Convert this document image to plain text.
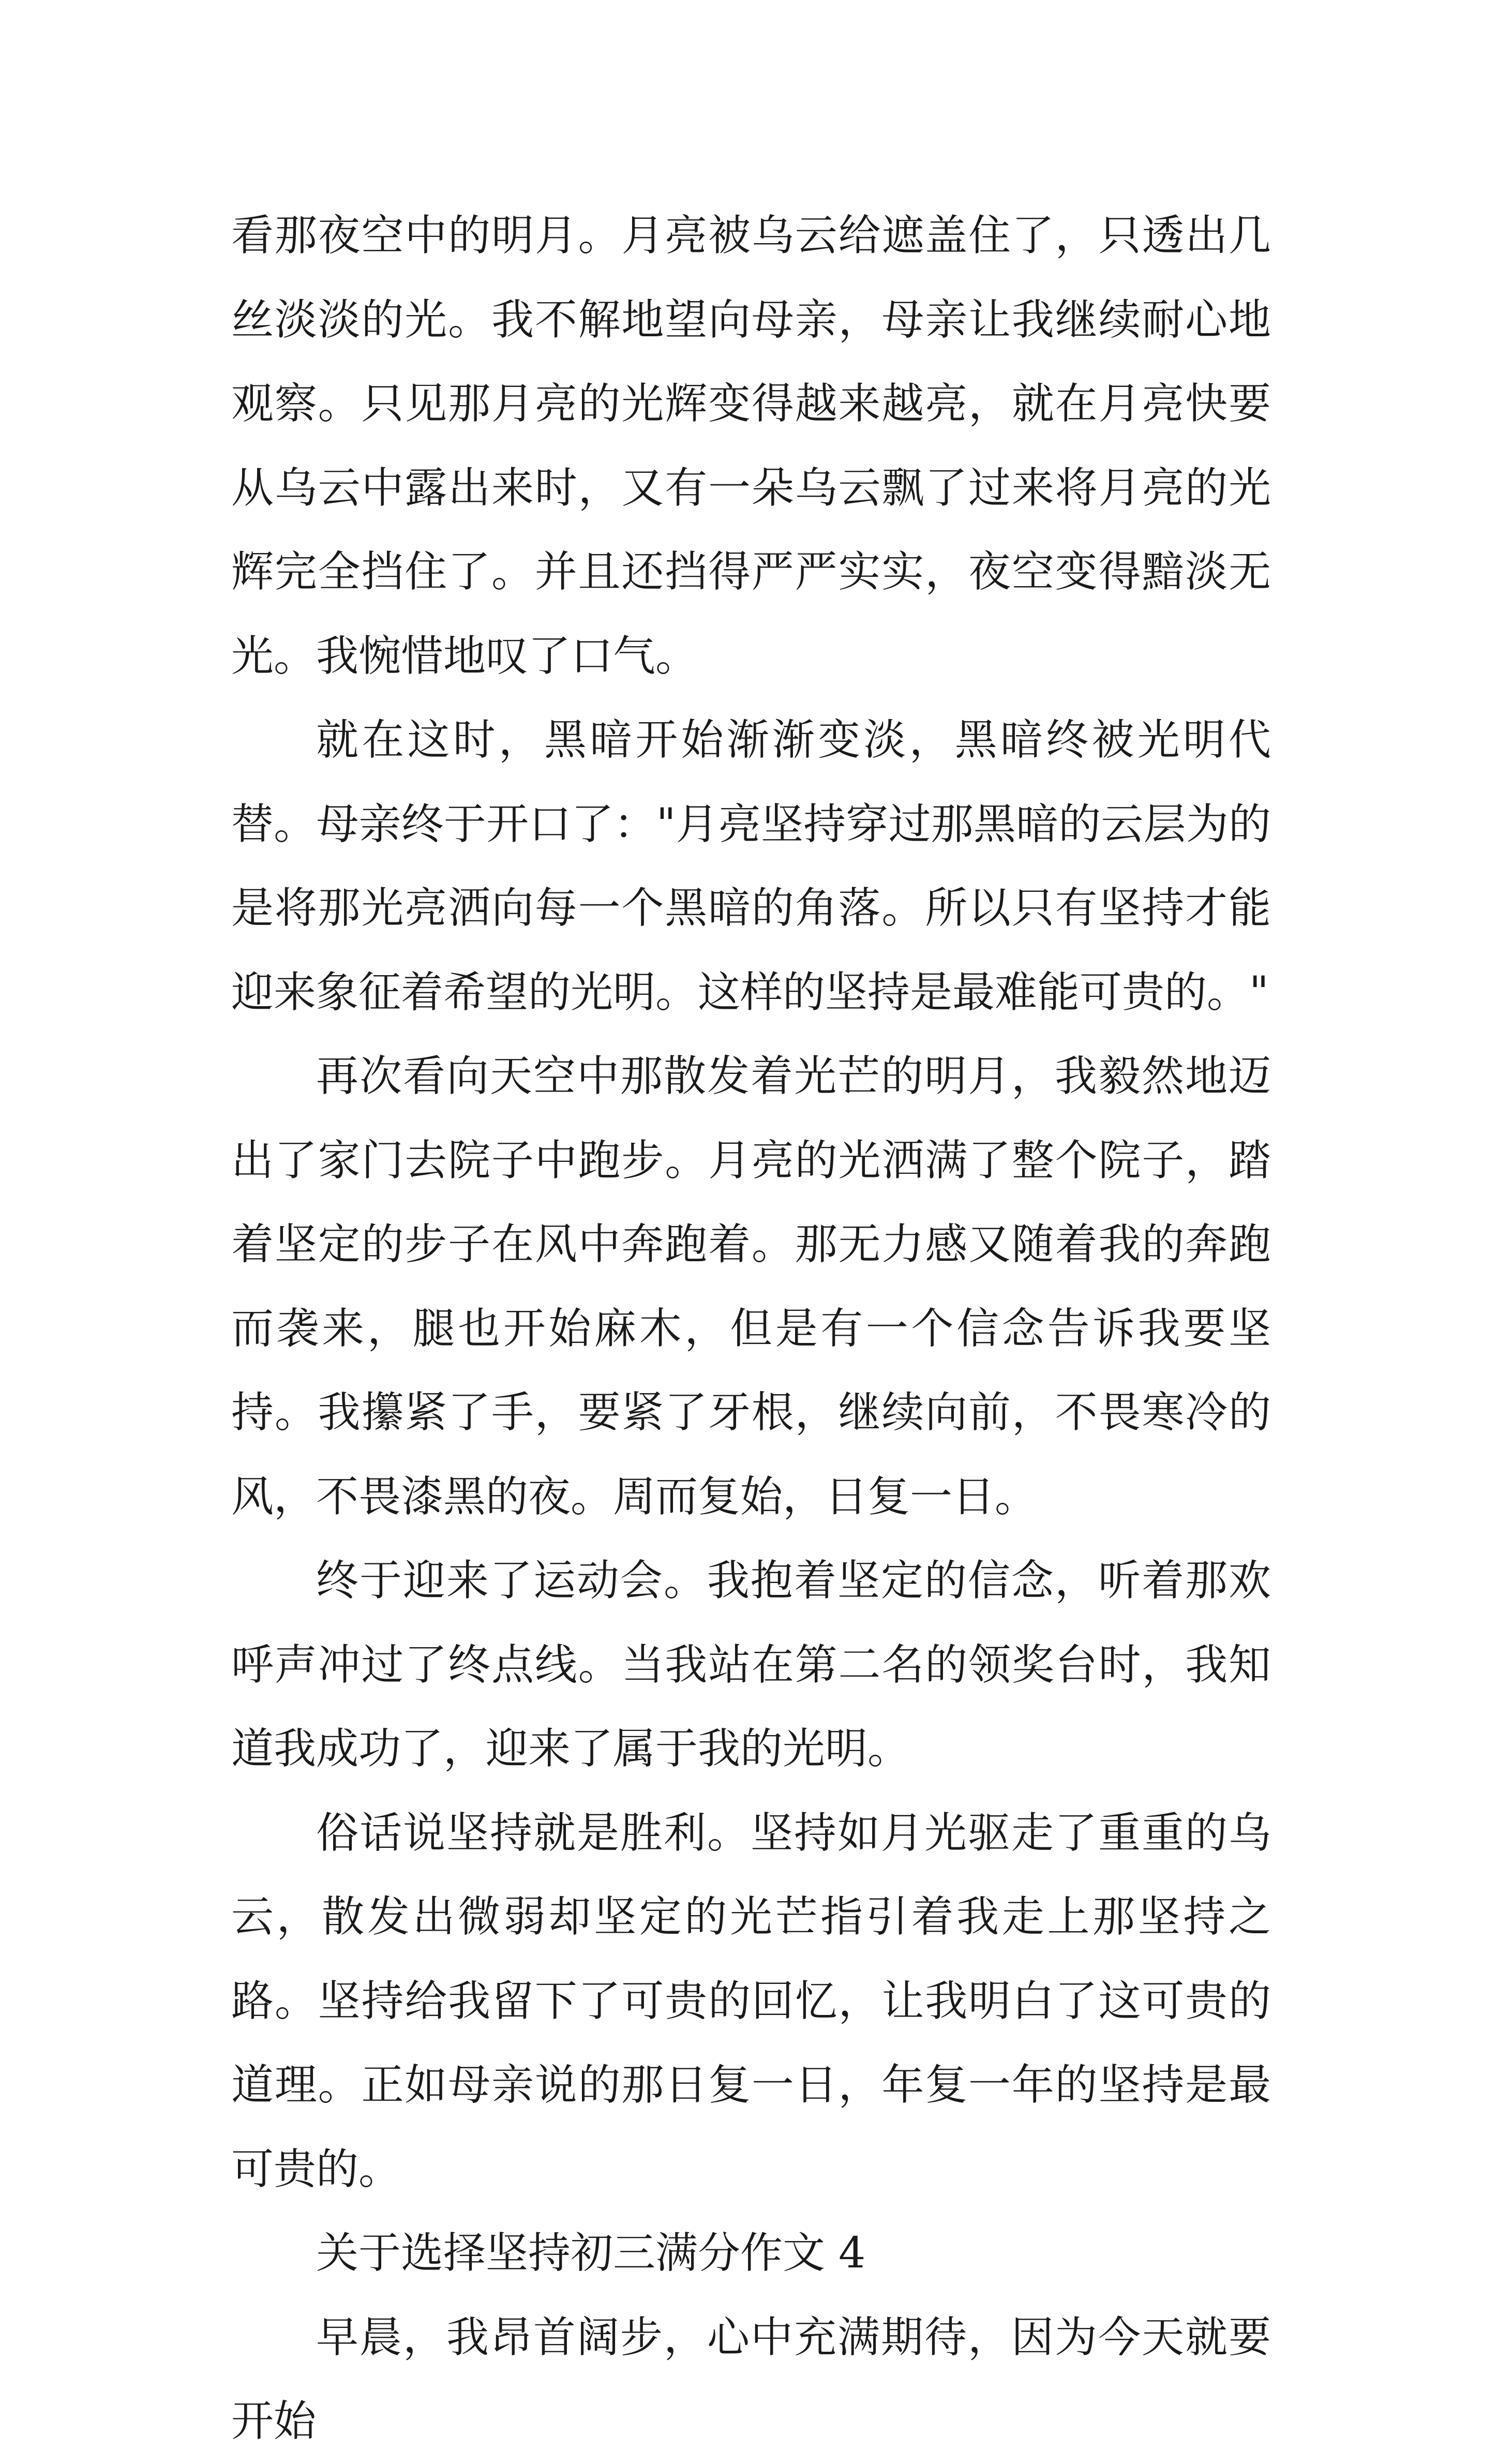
看那夜空中的明月。月亮被乌云给遮盖住了，只透出几丝淡淡的光。我不解地望向母亲，母亲让我继续耐心地观察。只见那月亮的光辉变得越来越亮，就在月亮快要从乌云中露出来时，又有一朵乌云飘了过来将月亮的光辉完全挡住了。并且还挡得严严实实，夜空变得黯淡无光。我惋惜地叹了口气。

就在这时，黑暗开始渐渐变淡，黑暗终被光明代替。母亲终于开口了："月亮坚持穿过那黑暗的云层为的是将那光亮洒向每一个黑暗的角落。所以只有坚持才能迎来象征着希望的光明。这样的坚持是最难能可贵的。"

再次看向天空中那散发着光芒的明月，我毅然地迈出了家门去院子中跑步。月亮的光洒满了整个院子，踏着坚定的步子在风中奔跑着。那无力感又随着我的奔跑而袭来，腿也开始麻木，但是有一个信念告诉我要坚持。我攥紧了手，要紧了牙根，继续向前，不畏寒冷的风，不畏漆黑的夜。周而复始，日复一日。

终于迎来了运动会。我抱着坚定的信念，听着那欢呼声冲过了终点线。当我站在第二名的领奖台时，我知道我成功了，迎来了属于我的光明。

俗话说坚持就是胜利。坚持如月光驱走了重重的乌云，散发出微弱却坚定的光芒指引着我走上那坚持之路。坚持给我留下了可贵的回忆，让我明白了这可贵的道理。正如母亲说的那日复一日，年复一年的坚持是最可贵的。

关于选择坚持初三满分作文 4

早晨，我昂首阔步，心中充满期待，因为今天就要开始
